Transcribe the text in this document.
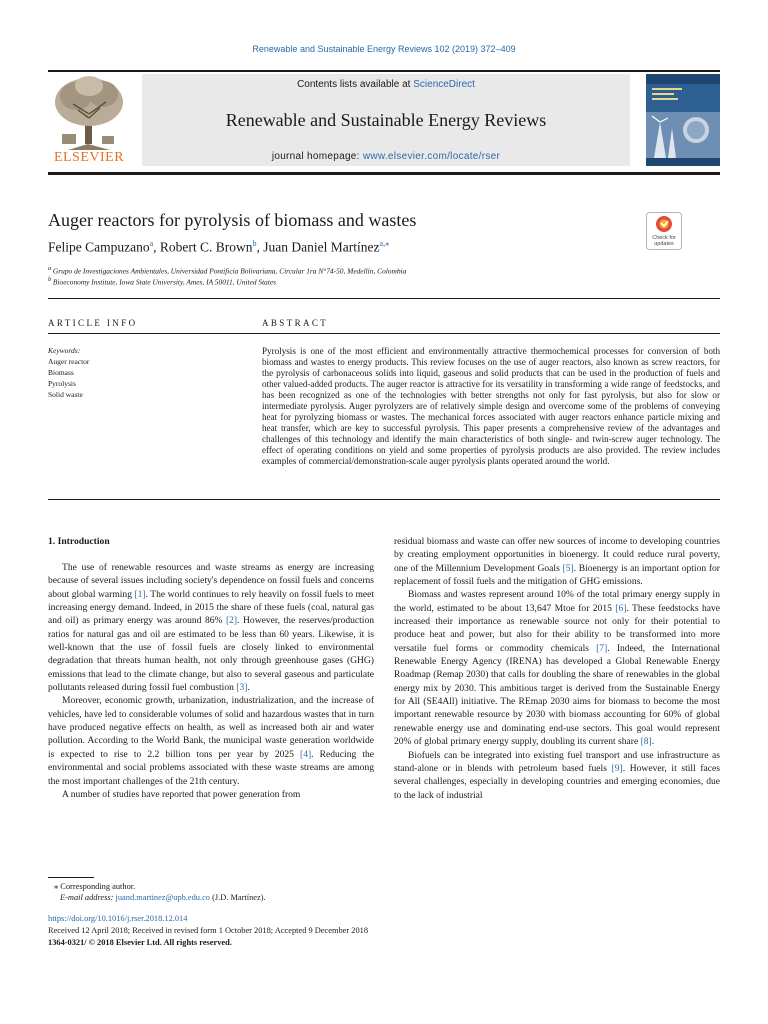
Renewable and Sustainable Energy Reviews 102 (2019) 372–409
ELSEVIER
Contents lists available at ScienceDirect
Renewable and Sustainable Energy Reviews
journal homepage: www.elsevier.com/locate/rser
Auger reactors for pyrolysis of biomass and wastes
Felipe Campuzano$^a$, Robert C. Brown$^b$, Juan Daniel Martínez$^{a,⁎}$
Check for
updates
$^a$ Grupo de Investigaciones Ambientales, Universidad Pontificia Bolivariana, Circular 1ra N°74-50, Medellín, Colombia
$^b$ Bioeconomy Institute, Iowa State University, Ames, IA 50011, United States
ARTICLE INFO
Keywords:
Auger reactor
Biomass
Pyrolysis
Solid waste
ABSTRACT
Pyrolysis is one of the most efficient and environmentally attractive thermochemical processes for conversion of both biomass and wastes to energy products. This review focuses on the use of auger reactors, also known as screw reactors, for the pyrolysis of carbonaceous solids into liquid, gaseous and solid products that can be used in the production of fuels and other valued-added products. The auger reactor is attractive for its versatility in transforming a wide range of feedstocks, and has been recognized as one of the technologies with better strengths not only for fast pyrolysis, but also for slow or intermediate pyrolysis. Auger pyrolyzers are of relatively simple design and overcome some of the problems of conveying heat for pyrolyzing biomass or wastes. The mechanical forces associated with auger reactors enhance particle mixing and heat transfer, which are key to successful pyrolysis. This paper presents a comprehensive review of the advantages and challenges of this technology and identify the main characteristics of both single- and twin-screw auger technology. The effect of operating conditions on yield and some properties of pyrolysis products are also provided. The review includes examples of commercial/demonstration-scale auger pyrolysis plants operated around the world.
1. Introduction

The use of renewable resources and waste streams as energy are increasing because of several issues including society's dependence on fossil fuels and concerns about global warming [1]. The world continues to rely heavily on fossil fuels to meet increasing energy demand. Indeed, in 2015 the share of these fuels (coal, natural gas and oil) as primary energy was around 86% [2]. However, the reserves/production ratios for natural gas and oil are estimated to be less than 60 years. Likewise, it is well-known that the use of fossil fuels are closely linked to environmental degradation that threats human health, not only through greenhouse gases (GHG) emissions that lead to the climate change, but also to several gaseous and particulate pollutants released during fossil fuel combustion [3].

Moreover, economic growth, urbanization, industrialization, and the increase of vehicles, have led to considerable volumes of solid and hazardous wastes that in turn have produced negative effects on health, as well as increased both air and water pollution. According to the World Bank, the municipal waste generation worldwide is expected to rise to 2.2 billion tons per year by 2025 [4]. Reducing the environmental and social problems associated with these waste streams are among the most important challenges of the 21th century.

A number of studies have reported that power generation from

residual biomass and waste can offer new sources of income to developing countries by creating employment opportunities in bioenergy. It could reduce rural poverty, one of the Millennium Development Goals [5]. Bioenergy is an important option for replacement of fossil fuels and the mitigation of GHG emissions.

Biomass and wastes represent around 10% of the total primary energy supply in the world, estimated to be about 13,647 Mtoe for 2015 [6]. These feedstocks have increased their importance as renewable source not only for their potential to produce heat and power, but also for their ability to be transformed into more versatile fuel forms or commodity chemicals [7]. Indeed, the International Renewable Energy Agency (IRENA) has developed a Global Renewable Energy Roadmap (Remap 2030) that calls for doubling the share of renewables in the global energy mix by 2030. This ambitious target is derived from the Sustainable Energy for All (SE4All) initiative. The REmap 2030 aims for biomass to become the most important renewable resource by 2030 with biomass accounting for 60% of global renewable energy use and dominating end-use sectors. This goal would represent 20% of global primary energy supply, doubling its current share [8].

Biofuels can be integrated into existing fuel transport and use infrastructure as stand-alone or in blends with petroleum based fuels [9]. However, it still faces several challenges, especially in developing countries and emerging economies, due to the lack of industrial

⁎ Corresponding author.
E-mail address: juand.martinez@upb.edu.co (J.D. Martínez).
https://doi.org/10.1016/j.rser.2018.12.014
Received 12 April 2018; Received in revised form 1 October 2018; Accepted 9 December 2018
1364-0321/ © 2018 Elsevier Ltd. All rights reserved.
